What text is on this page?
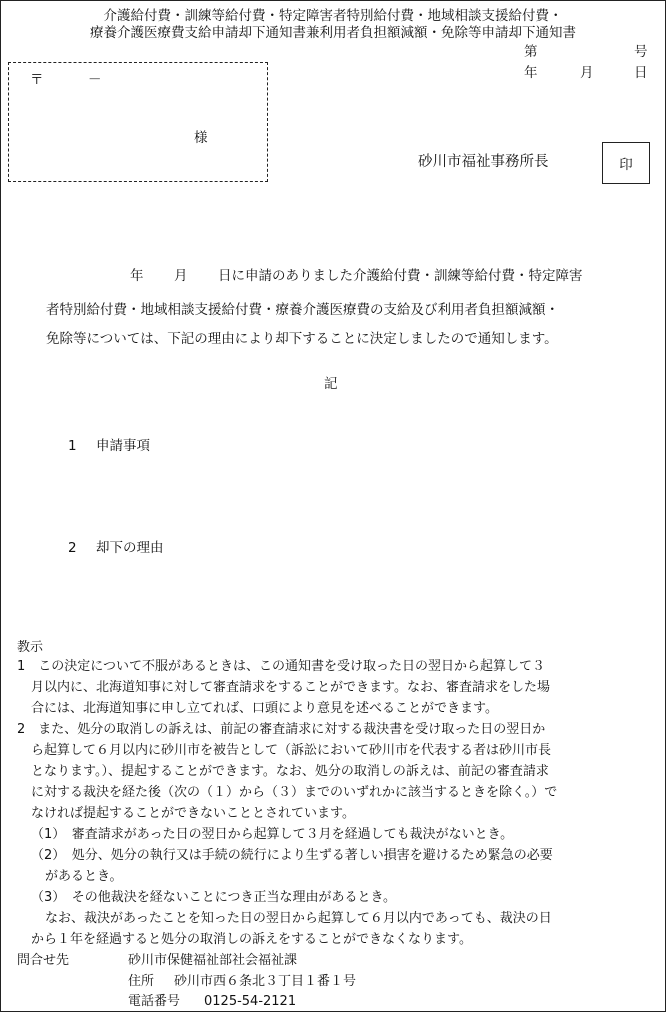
介護給付費・訓練等給付費・特定障害者特別給付費・地域相談支援給付費・
療養介護医療費支給申請却下通知書兼利用者負担額減額・免除等申請却下通知書
第	号
年	月	日
〒	－
様
砂川市福祉事務所長	印
年 月 日に申請のありました介護給付費・訓練等給付費・特定障害
者特別給付費・地域相談支援給付費・療養介護医療費の支給及び利用者負担額減額・
免除等については、下記の理由により却下することに決定しましたので通知します。
記
1 申請事項
2 却下の理由
教示
1　この決定について不服があるときは、この通知書を受け取った日の翌日から起算して３
月以内に、北海道知事に対して審査請求をすることができます。なお、審査請求をした場
合には、北海道知事に申し立てれば、口頭により意見を述べることができます。
2　また、処分の取消しの訴えは、前記の審査請求に対する裁決書を受け取った日の翌日か
ら起算して６月以内に砂川市を被告として（訴訟において砂川市を代表する者は砂川市長
となります。）、提起することができます。なお、処分の取消しの訴えは、前記の審査請求
に対する裁決を経た後（次の（１）から（３）までのいずれかに該当するときを除く。）で
なければ提起することができないこととされています。
（1）　審査請求があった日の翌日から起算して３月を経過しても裁決がないとき。
（2）　処分、処分の執行又は手続の続行により生ずる著しい損害を避けるため緊急の必要
があるとき。
（3）　その他裁決を経ないことにつき正当な理由があるとき。
なお、裁決があったことを知った日の翌日から起算して６月以内であっても、裁決の日
から１年を経過すると処分の取消しの訴えをすることができなくなります。
問合せ先	砂川市保健福祉部社会福祉課
住所 砂川市西６条北３丁目１番１号
電話番号 0125-54-2121
